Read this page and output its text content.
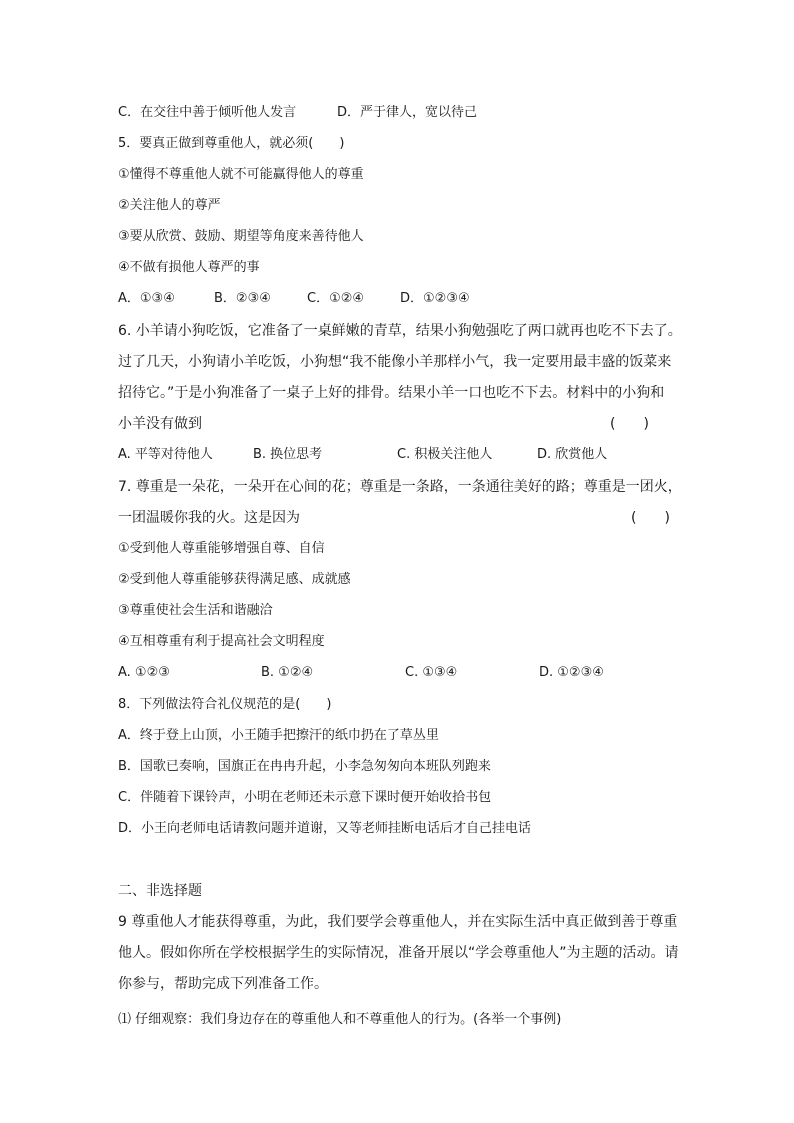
C．在交往中善于倾听他人发言	D．严于律人，宽以待己
5．要真正做到尊重他人，就必须(　　)
①懂得不尊重他人就不可能赢得他人的尊重
②关注他人的尊严
③要从欣赏、鼓励、期望等角度来善待他人
④不做有损他人尊严的事
A．①③④	B．②③④	C．①②④	D．①②③④
6. 小羊请小狗吃饭，它准备了一桌鲜嫩的青草，结果小狗勉强吃了两口就再也吃不下去了。
过了几天，小狗请小羊吃饭，小狗想“我不能像小羊那样小气，我一定要用最丰盛的饭菜来
招待它。”于是小狗准备了一桌子上好的排骨。结果小羊一口也吃不下去。材料中的小狗和
小羊没有做到	(　　)
A. 平等对待他人	B. 换位思考	C. 积极关注他人	D. 欣赏他人
7. 尊重是一朵花，一朵开在心间的花；尊重是一条路，一条通往美好的路；尊重是一团火，
一团温暖你我的火。这是因为	(　　)
①受到他人尊重能够增强自尊、自信
②受到他人尊重能够获得满足感、成就感
③尊重使社会生活和谐融洽
④互相尊重有利于提高社会文明程度
A. ①②③	B. ①②④	C. ①③④	D. ①②③④
8．下列做法符合礼仪规范的是(　　)
A．终于登上山顶，小王随手把擦汗的纸巾扔在了草丛里
B．国歌已奏响，国旗正在冉冉升起，小李急匆匆向本班队列跑来
C．伴随着下课铃声，小明在老师还未示意下课时便开始收拾书包
D．小王向老师电话请教问题并道谢，又等老师挂断电话后才自己挂电话
二、非选择题
9 尊重他人才能获得尊重，为此，我们要学会尊重他人，并在实际生活中真正做到善于尊重
他人。假如你所在学校根据学生的实际情况，准备开展以“学会尊重他人”为主题的活动。请
你参与，帮助完成下列准备工作。
⑴ 仔细观察：我们身边存在的尊重他人和不尊重他人的行为。(各举一个事例)
